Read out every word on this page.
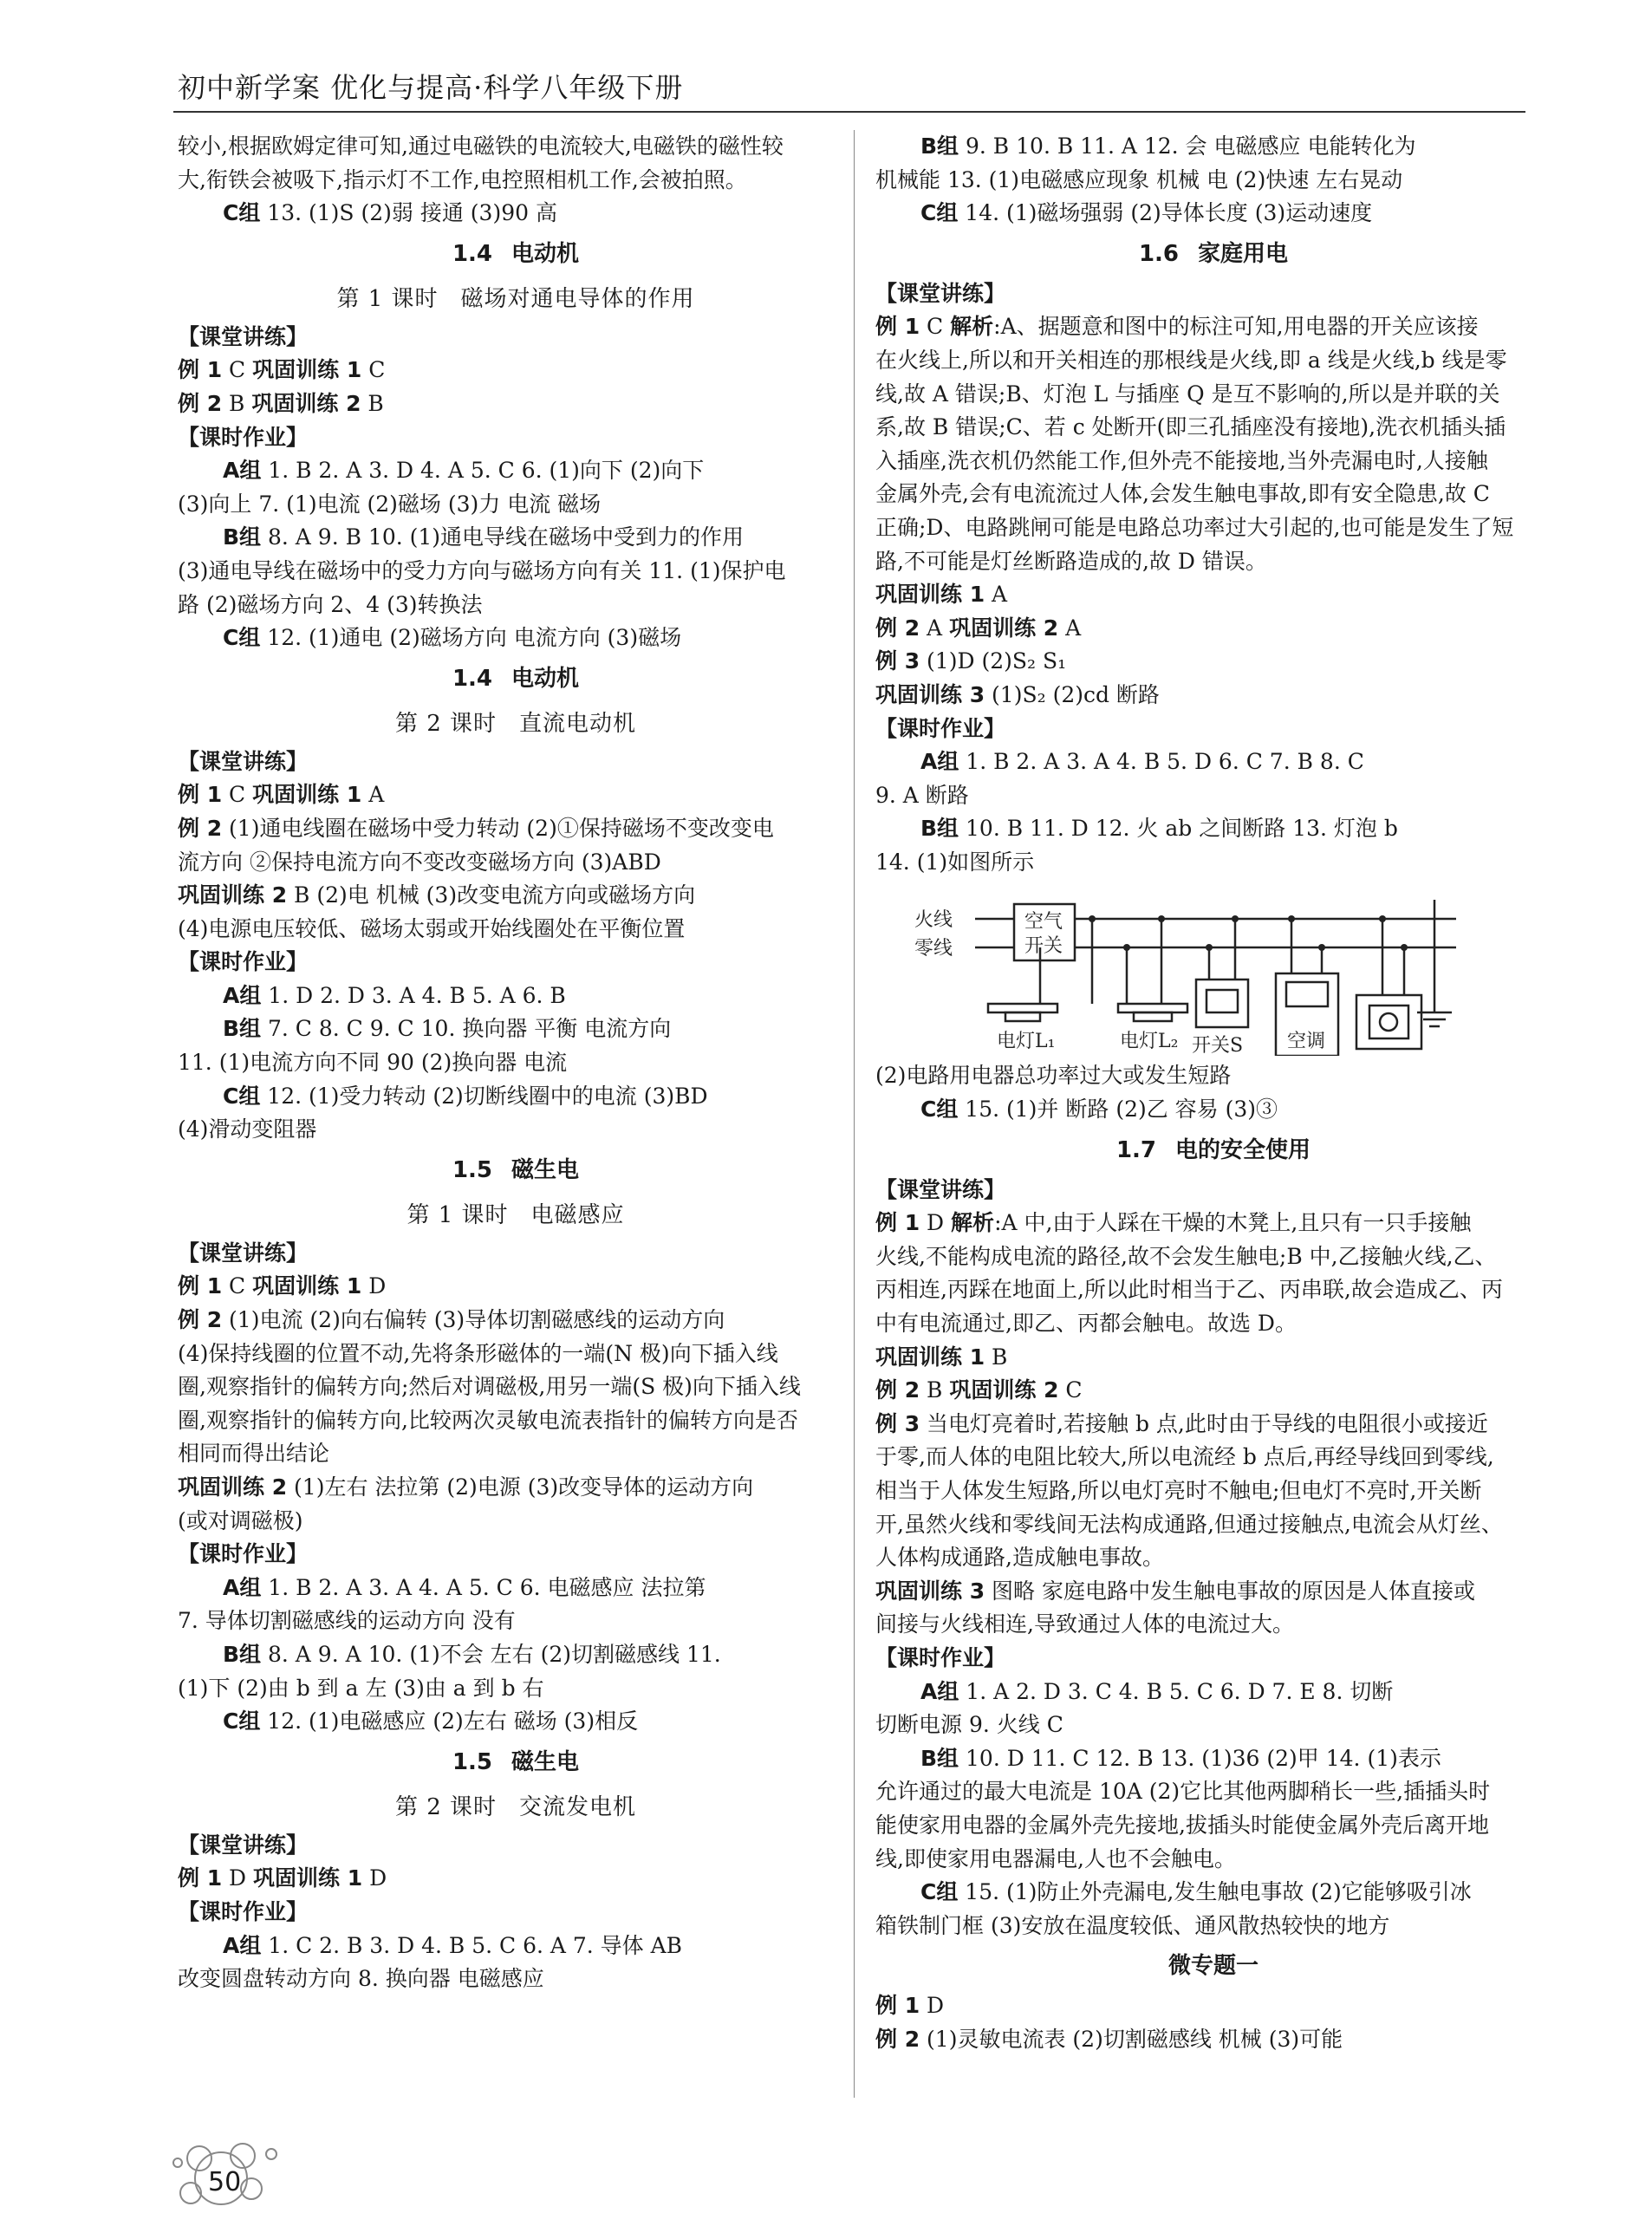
初中新学案 优化与提高·科学八年级下册
较小,根据欧姆定律可知,通过电磁铁的电流较大,电磁铁的磁性较
大,衔铁会被吸下,指示灯不工作,电控照相机工作,会被拍照。
C组 13. (1)S (2)弱 接通 (3)90 高
1.4 电动机
第 1 课时 磁场对通电导体的作用
【课堂讲练】
例 1 C 巩固训练 1 C
例 2 B 巩固训练 2 B
【课时作业】
A组 1. B 2. A 3. D 4. A 5. C 6. (1)向下 (2)向下
(3)向上 7. (1)电流 (2)磁场 (3)力 电流 磁场
B组 8. A 9. B 10. (1)通电导线在磁场中受到力的作用
(3)通电导线在磁场中的受力方向与磁场方向有关 11. (1)保护电
路 (2)磁场方向 2、4 (3)转换法
C组 12. (1)通电 (2)磁场方向 电流方向 (3)磁场
1.4 电动机
第 2 课时 直流电动机
【课堂讲练】
例 1 C 巩固训练 1 A
例 2 (1)通电线圈在磁场中受力转动 (2)①保持磁场不变改变电
流方向 ②保持电流方向不变改变磁场方向 (3)ABD
巩固训练 2 B (2)电 机械 (3)改变电流方向或磁场方向
(4)电源电压较低、磁场太弱或开始线圈处在平衡位置
【课时作业】
A组 1. D 2. D 3. A 4. B 5. A 6. B
B组 7. C 8. C 9. C 10. 换向器 平衡 电流方向
11. (1)电流方向不同 90 (2)换向器 电流
C组 12. (1)受力转动 (2)切断线圈中的电流 (3)BD
(4)滑动变阻器
1.5 磁生电
第 1 课时 电磁感应
【课堂讲练】
例 1 C 巩固训练 1 D
例 2 (1)电流 (2)向右偏转 (3)导体切割磁感线的运动方向
(4)保持线圈的位置不动,先将条形磁体的一端(N 极)向下插入线
圈,观察指针的偏转方向;然后对调磁极,用另一端(S 极)向下插入线
圈,观察指针的偏转方向,比较两次灵敏电流表指针的偏转方向是否
相同而得出结论
巩固训练 2 (1)左右 法拉第 (2)电源 (3)改变导体的运动方向
(或对调磁极)
【课时作业】
A组 1. B 2. A 3. A 4. A 5. C 6. 电磁感应 法拉第
7. 导体切割磁感线的运动方向 没有
B组 8. A 9. A 10. (1)不会 左右 (2)切割磁感线 11.
(1)下 (2)由 b 到 a 左 (3)由 a 到 b 右
C组 12. (1)电磁感应 (2)左右 磁场 (3)相反
1.5 磁生电
第 2 课时 交流发电机
【课堂讲练】
例 1 D 巩固训练 1 D
【课时作业】
A组 1. C 2. B 3. D 4. B 5. C 6. A 7. 导体 AB
改变圆盘转动方向 8. 换向器 电磁感应
B组 9. B 10. B 11. A 12. 会 电磁感应 电能转化为
机械能 13. (1)电磁感应现象 机械 电 (2)快速 左右晃动
C组 14. (1)磁场强弱 (2)导体长度 (3)运动速度
1.6 家庭用电
【课堂讲练】
例 1 C 解析:A、据题意和图中的标注可知,用电器的开关应该接
在火线上,所以和开关相连的那根线是火线,即 a 线是火线,b 线是零
线,故 A 错误;B、灯泡 L 与插座 Q 是互不影响的,所以是并联的关
系,故 B 错误;C、若 c 处断开(即三孔插座没有接地),洗衣机插头插
入插座,洗衣机仍然能工作,但外壳不能接地,当外壳漏电时,人接触
金属外壳,会有电流流过人体,会发生触电事故,即有安全隐患,故 C
正确;D、电路跳闸可能是电路总功率过大引起的,也可能是发生了短
路,不可能是灯丝断路造成的,故 D 错误。
巩固训练 1 A
例 2 A 巩固训练 2 A
例 3 (1)D (2)S₂ S₁
巩固训练 3 (1)S₂ (2)cd 断路
【课时作业】
A组 1. B 2. A 3. A 4. B 5. D 6. C 7. B 8. C
9. A 断路
B组 10. B 11. D 12. 火 ab 之间断路 13. 灯泡 b
14. (1)如图所示
火线
零线
空气
开关
电灯L₁	电灯L₂ 开关S 空调
(2)电路用电器总功率过大或发生短路
C组 15. (1)并 断路 (2)乙 容易 (3)③
1.7 电的安全使用
【课堂讲练】
例 1 D 解析:A 中,由于人踩在干燥的木凳上,且只有一只手接触
火线,不能构成电流的路径,故不会发生触电;B 中,乙接触火线,乙、
丙相连,丙踩在地面上,所以此时相当于乙、丙串联,故会造成乙、丙
中有电流通过,即乙、丙都会触电。故选 D。
巩固训练 1 B
例 2 B 巩固训练 2 C
例 3 当电灯亮着时,若接触 b 点,此时由于导线的电阻很小或接近
于零,而人体的电阻比较大,所以电流经 b 点后,再经导线回到零线,
相当于人体发生短路,所以电灯亮时不触电;但电灯不亮时,开关断
开,虽然火线和零线间无法构成通路,但通过接触点,电流会从灯丝、
人体构成通路,造成触电事故。
巩固训练 3 图略 家庭电路中发生触电事故的原因是人体直接或
间接与火线相连,导致通过人体的电流过大。
【课时作业】
A组 1. A 2. D 3. C 4. B 5. C 6. D 7. E 8. 切断
切断电源 9. 火线 C
B组 10. D 11. C 12. B 13. (1)36 (2)甲 14. (1)表示
允许通过的最大电流是 10A (2)它比其他两脚稍长一些,插插头时
能使家用电器的金属外壳先接地,拔插头时能使金属外壳后离开地
线,即使家用电器漏电,人也不会触电。
C组 15. (1)防止外壳漏电,发生触电事故 (2)它能够吸引冰
箱铁制门框 (3)安放在温度较低、通风散热较快的地方
微专题一
例 1 D
例 2 (1)灵敏电流表 (2)切割磁感线 机械 (3)可能
50
